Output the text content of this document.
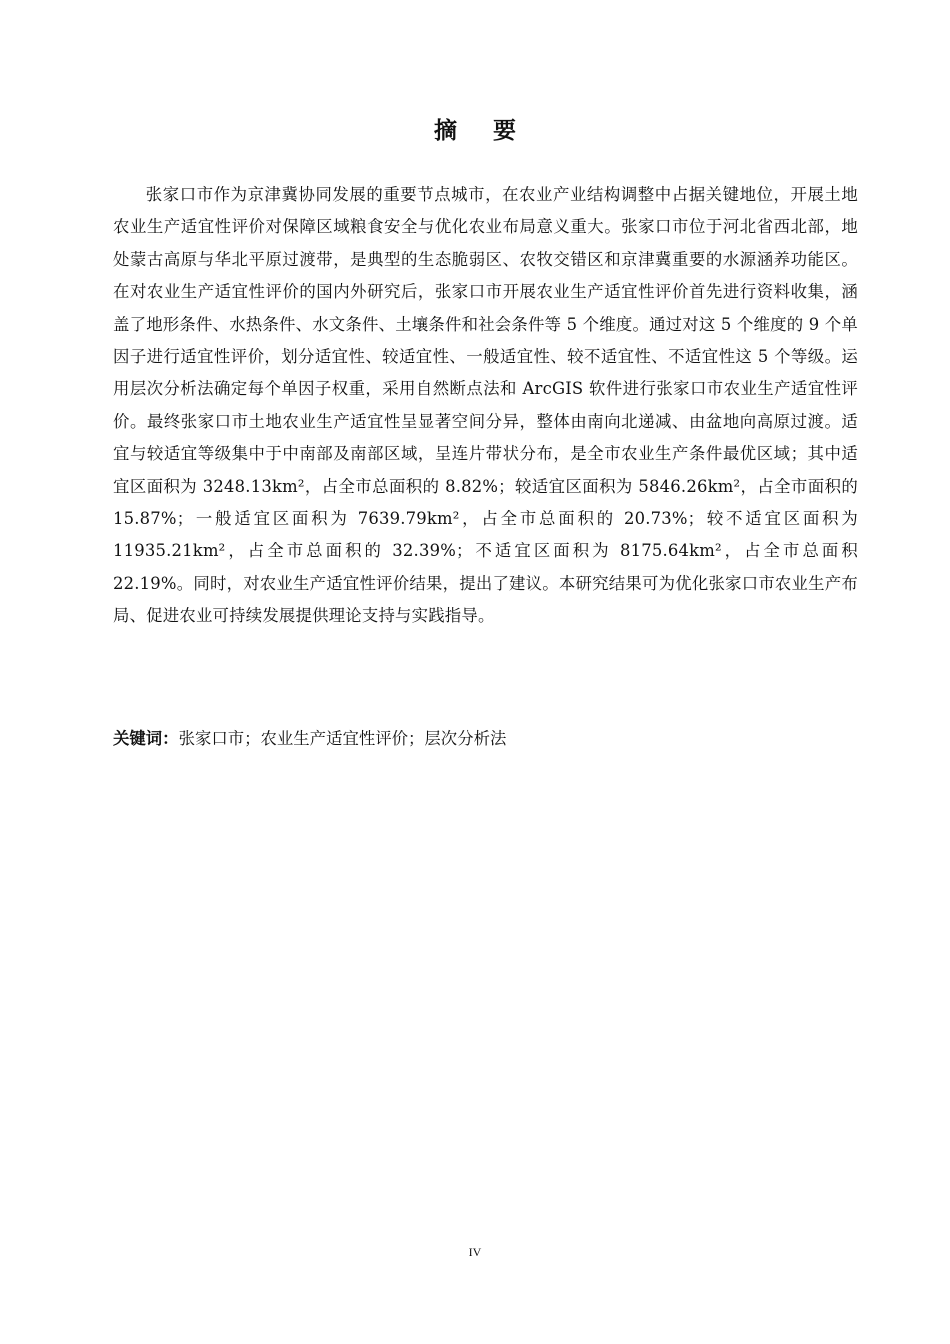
摘要

张家口市作为京津冀协同发展的重要节点城市，在农业产业结构调整中占据关键地位，开展土地农业生产适宜性评价对保障区域粮食安全与优化农业布局意义重大。张家口市位于河北省西北部，地处蒙古高原与华北平原过渡带，是典型的生态脆弱区、农牧交错区和京津冀重要的水源涵养功能区。在对农业生产适宜性评价的国内外研究后，张家口市开展农业生产适宜性评价首先进行资料收集，涵盖了地形条件、水热条件、水文条件、土壤条件和社会条件等 5 个维度。通过对这 5 个维度的 9 个单因子进行适宜性评价，划分适宜性、较适宜性、一般适宜性、较不适宜性、不适宜性这 5 个等级。运用层次分析法确定每个单因子权重，采用自然断点法和 ArcGIS 软件进行张家口市农业生产适宜性评价。最终张家口市土地农业生产适宜性呈显著空间分异，整体由南向北递减、由盆地向高原过渡。适宜与较适宜等级集中于中南部及南部区域，呈连片带状分布，是全市农业生产条件最优区域；其中适宜区面积为 3248.13km²，占全市总面积的 8.82%；较适宜区面积为 5846.26km²，占全市面积的 15.87%；一般适宜区面积为 7639.79km²，占全市总面积的 20.73%；较不适宜区面积为 11935.21km²，占全市总面积的 32.39%；不适宜区面积为 8175.64km²，占全市总面积 22.19%。同时，对农业生产适宜性评价结果，提出了建议。本研究结果可为优化张家口市农业生产布局、促进农业可持续发展提供理论支持与实践指导。

关键词：张家口市；农业生产适宜性评价；层次分析法

IV
